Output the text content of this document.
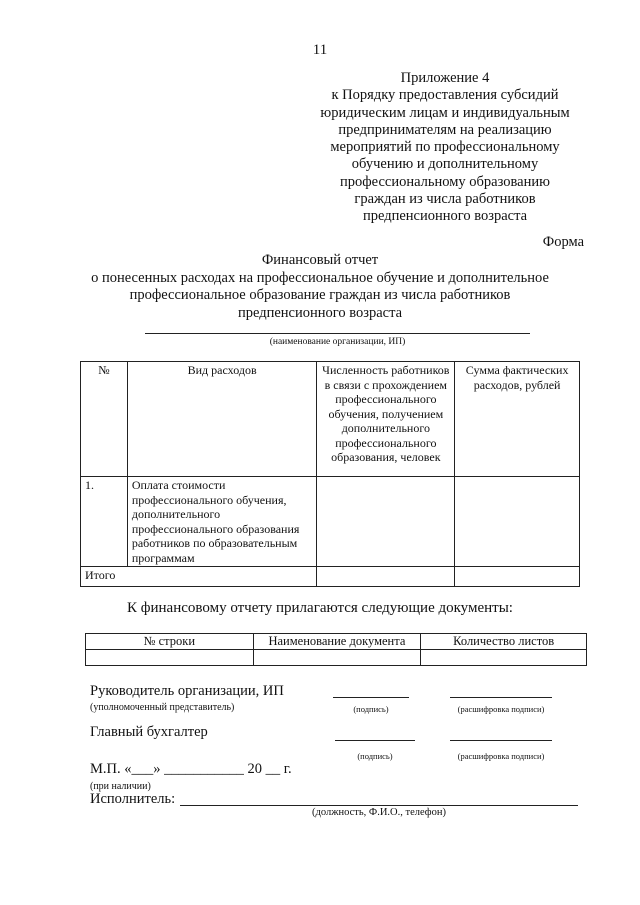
11
Приложение 4
к Порядку предоставления субсидий
юридическим лицам и индивидуальным
предпринимателям на реализацию
мероприятий по профессиональному
обучению и дополнительному
профессиональному образованию
граждан из числа работников
предпенсионного возраста
Форма
Финансовый отчет
о понесенных расходах на профессиональное обучение и дополнительное
профессиональное образование граждан из числа работников
предпенсионного возраста
(наименование организации, ИП)
№	Вид расходов	Численность работников в связи с прохождением профессионального обучения, получением дополнительного профессионального образования, человек	Сумма фактических расходов, рублей
1.	Оплата стоимости профессионального обучения, дополнительного профессионального образования работников по образовательным программам		
Итого			
К финансовому отчету прилагаются следующие документы:
№ строки	Наименование документа	Количество листов

Руководитель организации, ИП
(уполномоченный представитель)	(подпись)	(расшифровка подписи)
Главный бухгалтер
(подпись)	(расшифровка подписи)
М.П. «___» ___________ 20 __ г.
(при наличии)
Исполнитель:
(должность, Ф.И.О., телефон)
